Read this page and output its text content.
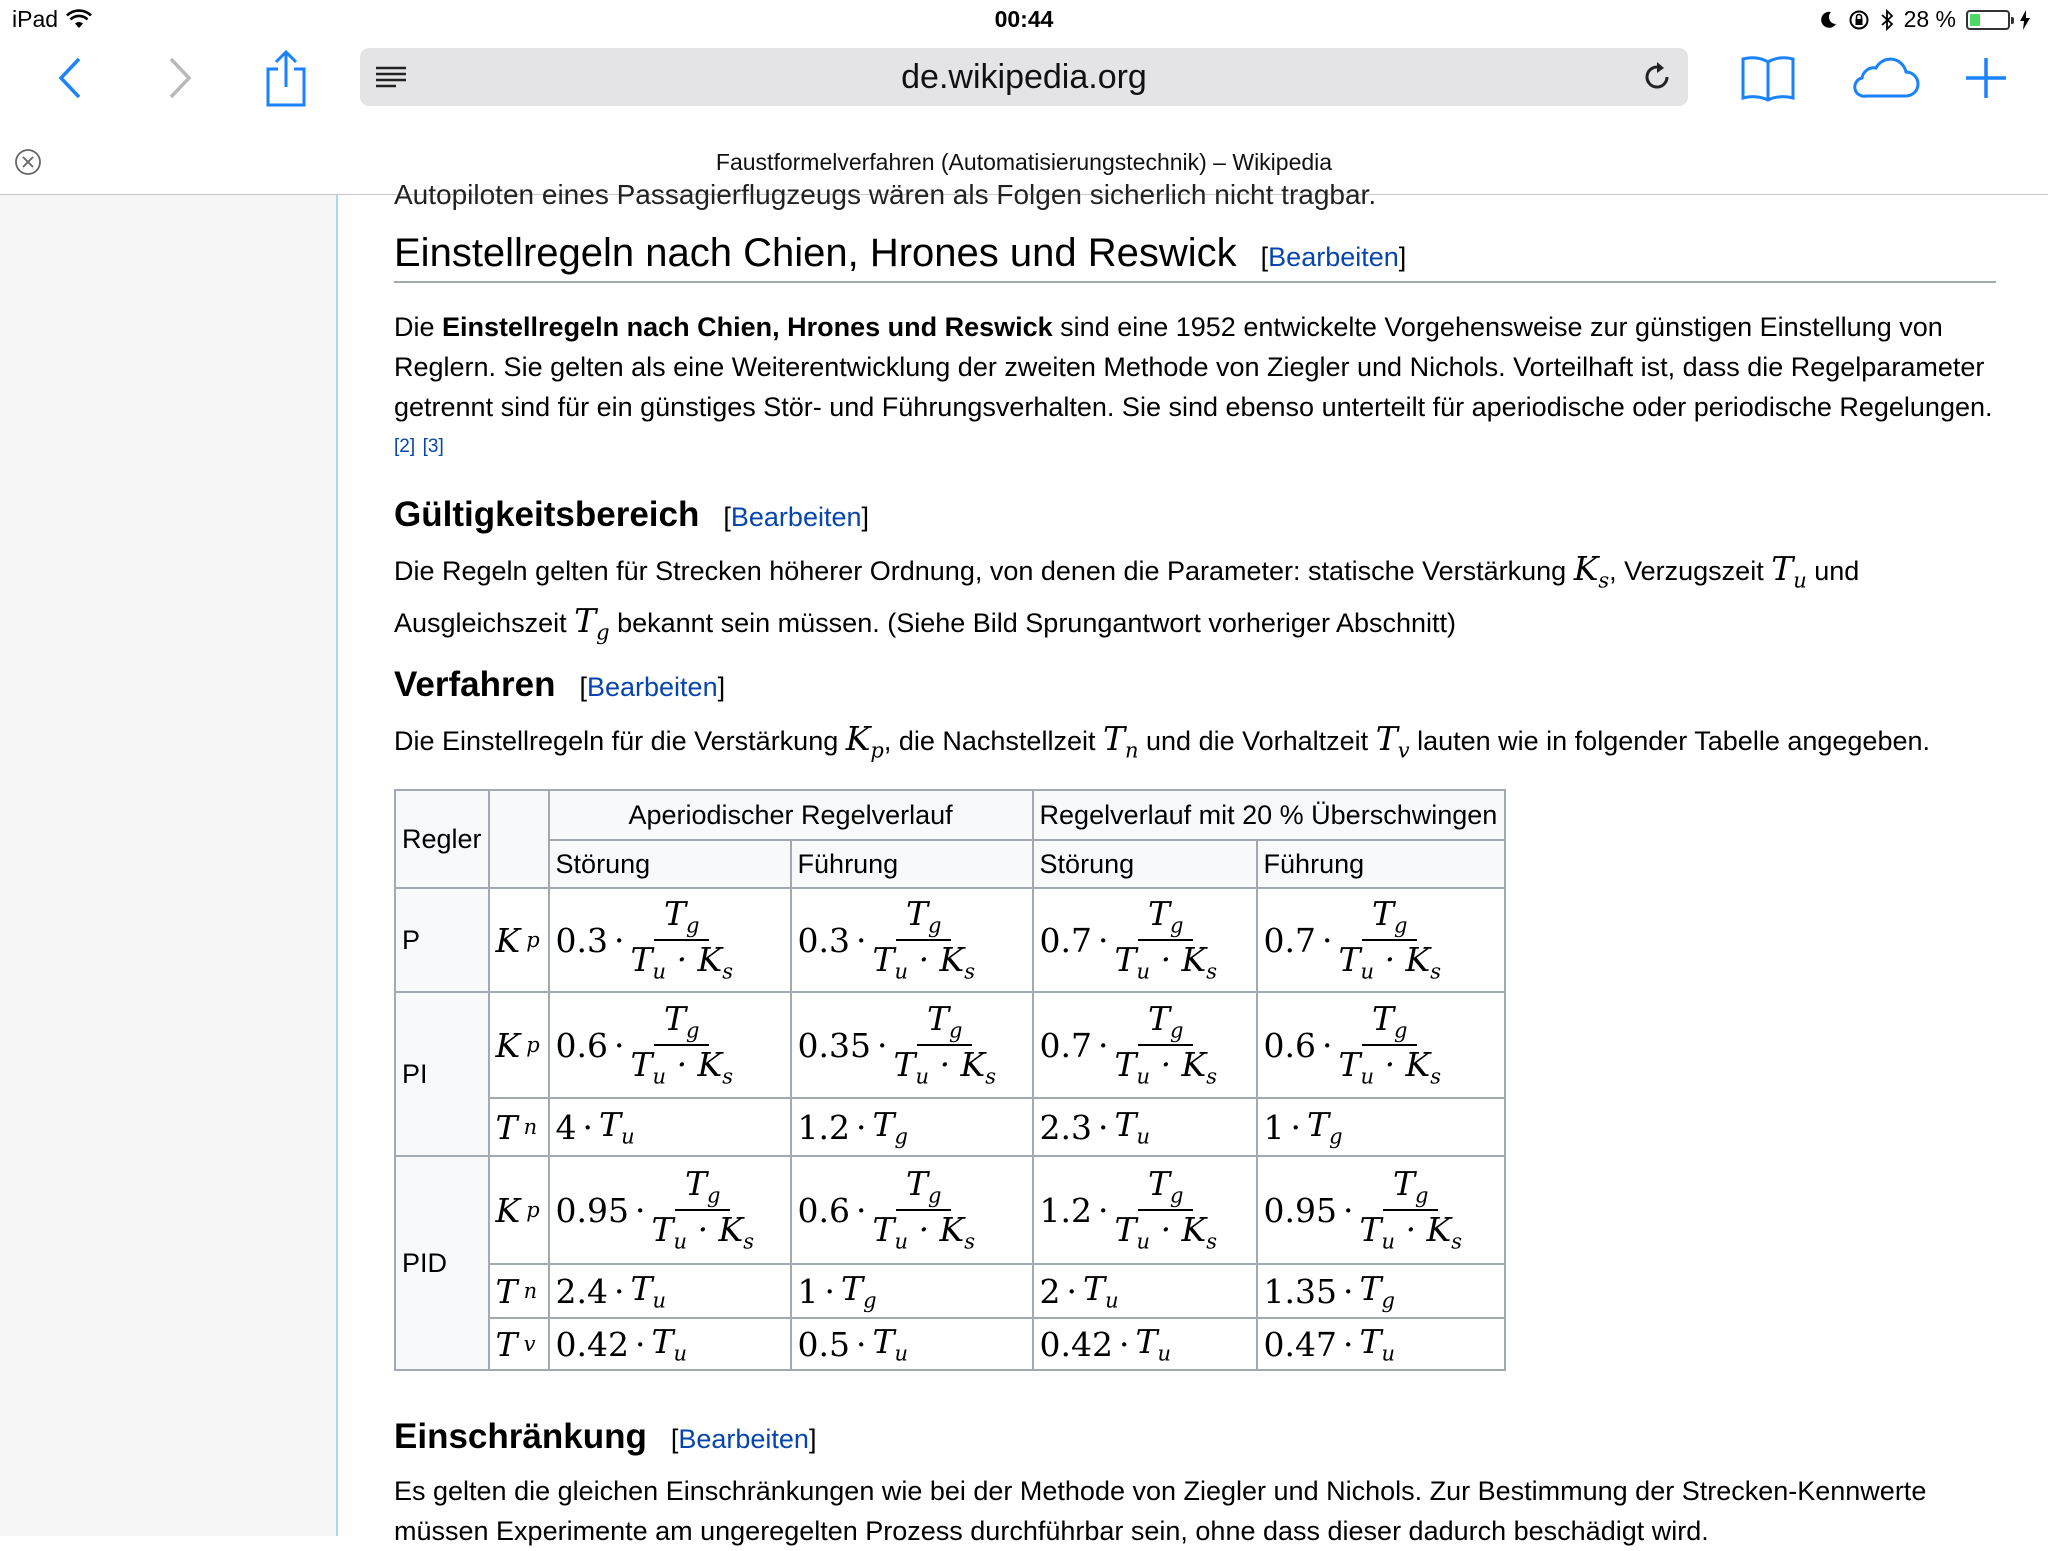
iPad	00:44	28 %
de.wikipedia.org
Faustformelverfahren (Automatisierungstechnik) – Wikipedia
Autopiloten eines Passagierflugzeugs wären als Folgen sicherlich nicht tragbar.
Einstellregeln nach Chien, Hrones und Reswick [Bearbeiten]

Die Einstellregeln nach Chien, Hrones und Reswick sind eine 1952 entwickelte Vorgehensweise zur günstigen Einstellung von Reglern. Sie gelten als eine Weiterentwicklung der zweiten Methode von Ziegler und Nichols. Vorteilhaft ist, dass die Regelparameter getrennt sind für ein günstiges Stör- und Führungsverhalten. Sie sind ebenso unterteilt für aperiodische oder periodische Regelungen.[2] [3]

Gültigkeitsbereich [Bearbeiten]

Die Regeln gelten für Strecken höherer Ordnung, von denen die Parameter: statische Verstärkung $K_s$, Verzugszeit $T_u$ und Ausgleichszeit $T_g$ bekannt sein müssen. (Siehe Bild Sprungantwort vorheriger Abschnitt)

Verfahren [Bearbeiten]

Die Einstellregeln für die Verstärkung $K_p$, die Nachstellzeit $T_n$ und die Vorhaltzeit $T_v$ lauten wie in folgender Tabelle angegeben.

Regler		Aperiodischer Regelverlauf		Regelverlauf mit 20 % Überschwingen	
		Störung	Führung	Störung	Führung
P	K p	$0.3 \cdot \frac{T_g}{T_u \cdot K_s}$	$0.3 \cdot \frac{T_g}{T_u \cdot K_s}$	$0.7 \cdot \frac{T_g}{T_u \cdot K_s}$	$0.7 \cdot \frac{T_g}{T_u \cdot K_s}$

PI	K p	$0.6 \cdot \frac{T_g}{T_u \cdot K_s}$	$0.35 \cdot \frac{T_g}{T_u \cdot K_s}$	$0.7 \cdot \frac{T_g}{T_u \cdot K_s}$	$0.6 \cdot \frac{T_g}{T_u \cdot K_s}$

	T n	$4 \cdot T_u$	$1.2 \cdot T_g$	$2.3 \cdot T_u$	$1 \cdot T_g$

PID	K p	$0.95 \cdot \frac{T_g}{T_u \cdot K_s}$	$0.6 \cdot \frac{T_g}{T_u \cdot K_s}$	$1.2 \cdot \frac{T_g}{T_u \cdot K_s}$	$0.95 \cdot \frac{T_g}{T_u \cdot K_s}$

	T n	$2.4 \cdot T_u$	$1 \cdot T_g$	$2 \cdot T_u$	$1.35 \cdot T_g$

	T v	$0.42 \cdot T_u$	$0.5 \cdot T_u$	$0.42 \cdot T_u$	$0.47 \cdot T_u$
Einschränkung [Bearbeiten]

Es gelten die gleichen Einschränkungen wie bei der Methode von Ziegler und Nichols. Zur Bestimmung der Strecken-Kennwerte müssen Experimente am ungeregelten Prozess durchführbar sein, ohne dass dieser dadurch beschädigt wird.
